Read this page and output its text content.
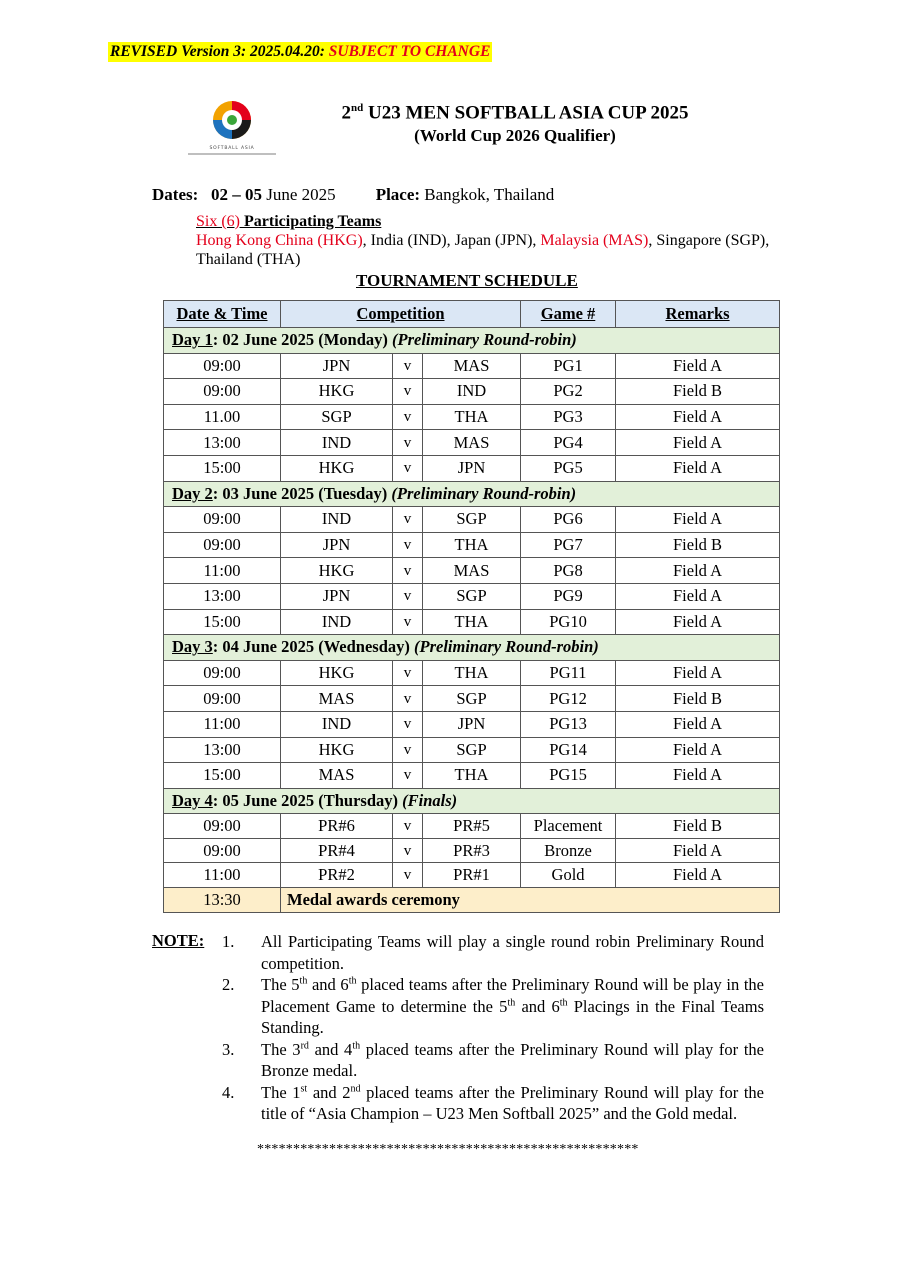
REVISED Version 3: 2025.04.20: SUBJECT TO CHANGE
SOFTBALL ASIA
2nd U23 MEN SOFTBALL ASIA CUP 2025
(World Cup 2026 Qualifier)
Dates: 02 – 05 June 2025 Place: Bangkok, Thailand
Six (6) Participating Teams
Hong Kong China (HKG), India (IND), Japan (JPN), Malaysia (MAS), Singapore (SGP), Thailand (THA)
TOURNAMENT SCHEDULE
Date & Time	Competition			Game #	Remarks
Day 1: 02 June 2025 (Monday) (Preliminary Round-robin)					
09:00	JPN	v	MAS	PG1	Field A
09:00	HKG	v	IND	PG2	Field B
11.00	SGP	v	THA	PG3	Field A
13:00	IND	v	MAS	PG4	Field A
15:00	HKG	v	JPN	PG5	Field A
Day 2: 03 June 2025 (Tuesday) (Preliminary Round-robin)					
09:00	IND	v	SGP	PG6	Field A
09:00	JPN	v	THA	PG7	Field B
11:00	HKG	v	MAS	PG8	Field A
13:00	JPN	v	SGP	PG9	Field A
15:00	IND	v	THA	PG10	Field A
Day 3: 04 June 2025 (Wednesday) (Preliminary Round-robin)					
09:00	HKG	v	THA	PG11	Field A
09:00	MAS	v	SGP	PG12	Field B
11:00	IND	v	JPN	PG13	Field A
13:00	HKG	v	SGP	PG14	Field A
15:00	MAS	v	THA	PG15	Field A
Day 4: 05 June 2025 (Thursday) (Finals)					
09:00	PR#6	v	PR#5	Placement	Field B
09:00	PR#4	v	PR#3	Bronze	Field A
11:00	PR#2	v	PR#1	Gold	Field A
13:30	Medal awards ceremony				
NOTE: 1.	All Participating Teams will play a single round robin Preliminary Round competition.
2.	The 5th and 6th placed teams after the Preliminary Round will be play in the Placement Game to determine the 5th and 6th Placings in the Final Teams Standing.
3.	The 3rd and 4th placed teams after the Preliminary Round will play for the Bronze medal.
4.	The 1st and 2nd placed teams after the Preliminary Round will play for the title of “Asia Champion – U23 Men Softball 2025” and the Gold medal.
*****************************************************
